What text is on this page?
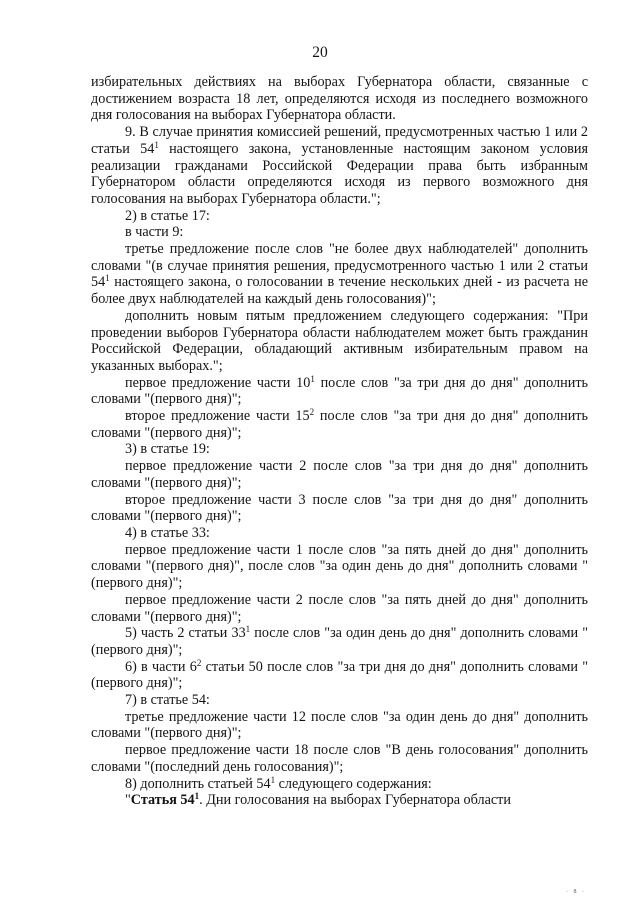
20

избирательных действиях на выборах Губернатора области, связанные с достижением возраста 18 лет, определяются исходя из последнего возможного дня голосования на выборах Губернатора области.

9. В случае принятия комиссией решений, предусмотренных частью 1 или 2 статьи $54^1$ настоящего закона, установленные настоящим законом условия реализации гражданами Российской Федерации права быть избранным Губернатором области определяются исходя из первого возможного дня голосования на выборах Губернатора области.";

2) в статье 17:

в части 9:

третье предложение после слов "не более двух наблюдателей" дополнить словами "(в случае принятия решения, предусмотренного частью 1 или 2 статьи $54^1$ настоящего закона, о голосовании в течение нескольких дней - из расчета не более двух наблюдателей на каждый день голосования)";

дополнить новым пятым предложением следующего содержания: "При проведении выборов Губернатора области наблюдателем может быть гражданин Российской Федерации, обладающий активным избирательным правом на указанных выборах.";

первое предложение части $10^1$ после слов "за три дня до дня" дополнить словами "(первого дня)";

второе предложение части $15^2$ после слов "за три дня до дня" дополнить словами "(первого дня)";

3) в статье 19:

первое предложение части 2 после слов "за три дня до дня" дополнить словами "(первого дня)";

второе предложение части 3 после слов "за три дня до дня" дополнить словами "(первого дня)";

4) в статье 33:

первое предложение части 1 после слов "за пять дней до дня" дополнить словами "(первого дня)", после слов "за один день до дня" дополнить словами "(первого дня)";

первое предложение части 2 после слов "за пять дней до дня" дополнить словами "(первого дня)";

5) часть 2 статьи $33^1$ после слов "за один день до дня" дополнить словами "(первого дня)";

6) в части $6^2$ статьи 50 после слов "за три дня до дня" дополнить словами "(первого дня)";

7) в статье 54:

третье предложение части 12 после слов "за один день до дня" дополнить словами "(первого дня)";

первое предложение части 18 после слов "В день голосования" дополнить словами "(последний день голосования)";

8) дополнить статьей $54^1$ следующего содержания:

"Статья $54^1$. Дни голосования на выборах Губернатора области

· 8 ·
